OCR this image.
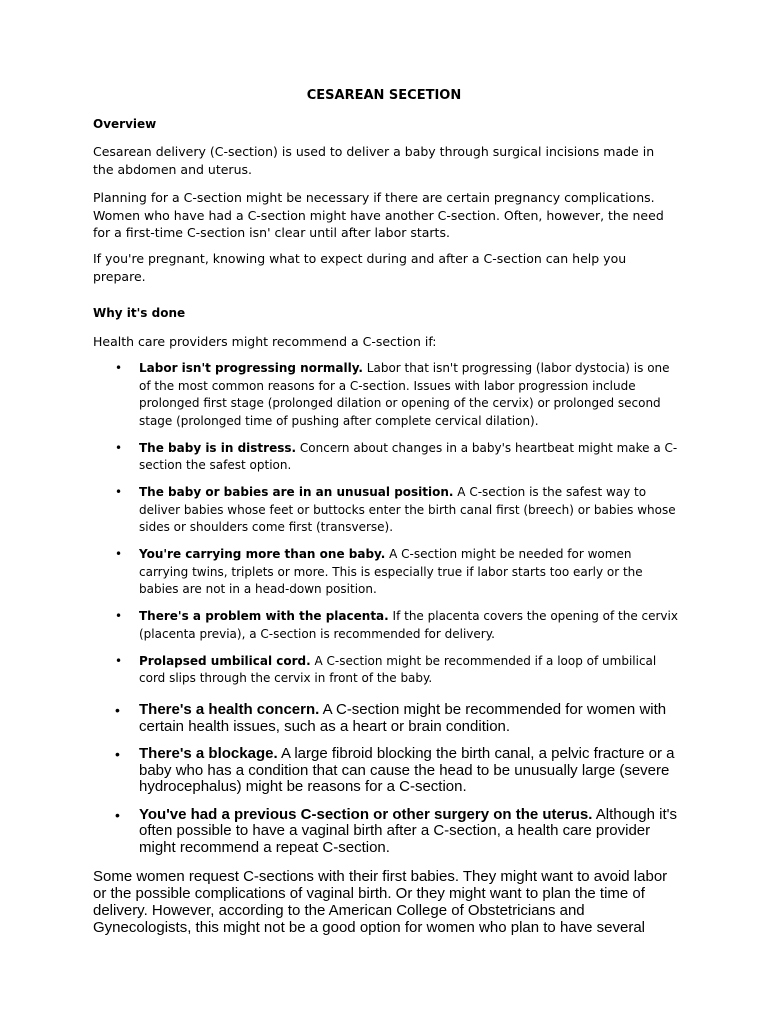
CESAREAN SECETION

Overview

Cesarean delivery (C-section) is used to deliver a baby through surgical incisions made in the abdomen and uterus.

Planning for a C-section might be necessary if there are certain pregnancy complications. Women who have had a C-section might have another C-section. Often, however, the need for a first-time C-section isn' clear until after labor starts.

If you're pregnant, knowing what to expect during and after a C-section can help you prepare.

Why it's done

Health care providers might recommend a C-section if:

• Labor isn't progressing normally. Labor that isn't progressing (labor dystocia) is one of the most common reasons for a C-section. Issues with labor progression include prolonged first stage (prolonged dilation or opening of the cervix) or prolonged second stage (prolonged time of pushing after complete cervical dilation).
• The baby is in distress. Concern about changes in a baby's heartbeat might make a C-section the safest option.
• The baby or babies are in an unusual position. A C-section is the safest way to deliver babies whose feet or buttocks enter the birth canal first (breech) or babies whose sides or shoulders come first (transverse).
• You're carrying more than one baby. A C-section might be needed for women carrying twins, triplets or more. This is especially true if labor starts too early or the babies are not in a head-down position.
• There's a problem with the placenta. If the placenta covers the opening of the cervix (placenta previa), a C-section is recommended for delivery.
• Prolapsed umbilical cord. A C-section might be recommended if a loop of umbilical cord slips through the cervix in front of the baby.
• There's a health concern. A C-section might be recommended for women with certain health issues, such as a heart or brain condition.
• There's a blockage. A large fibroid blocking the birth canal, a pelvic fracture or a baby who has a condition that can cause the head to be unusually large (severe hydrocephalus) might be reasons for a C-section.
• You've had a previous C-section or other surgery on the uterus. Although it's often possible to have a vaginal birth after a C-section, a health care provider might recommend a repeat C-section.

Some women request C-sections with their first babies. They might want to avoid labor or the possible complications of vaginal birth. Or they might want to plan the time of delivery. However, according to the American College of Obstetricians and Gynecologists, this might not be a good option for women who plan to have several
